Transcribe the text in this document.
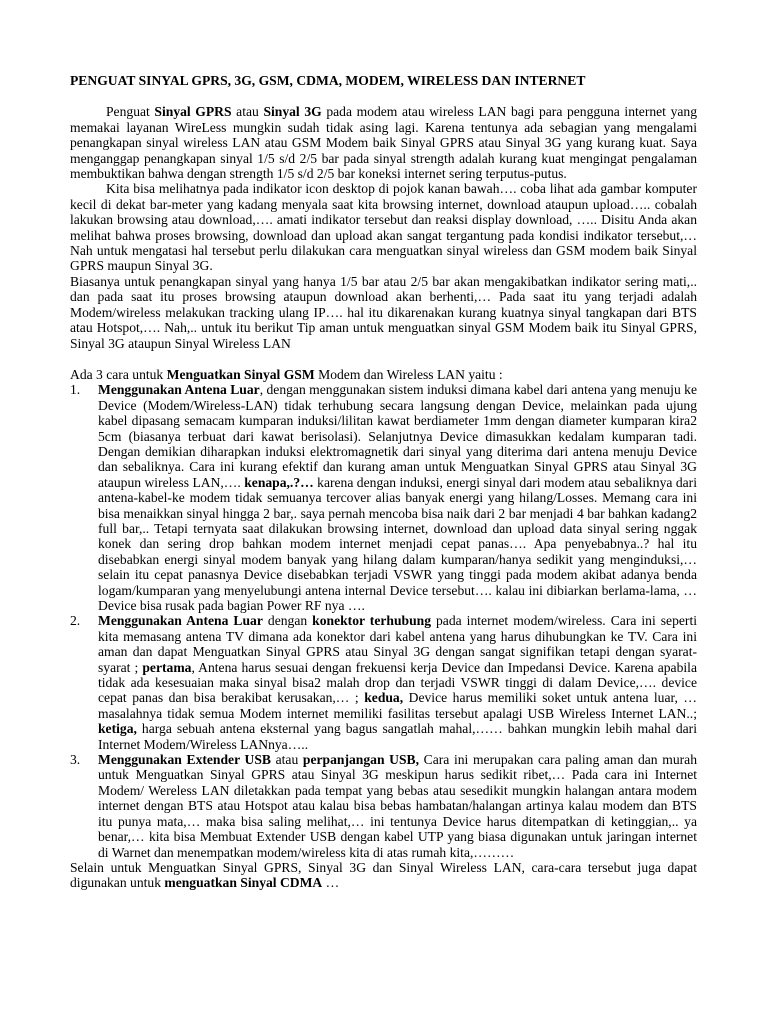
PENGUAT SINYAL GPRS, 3G, GSM, CDMA, MODEM, WIRELESS DAN INTERNET

Penguat Sinyal GPRS atau Sinyal 3G pada modem atau wireless LAN bagi para pengguna internet yang memakai layanan WireLess mungkin sudah tidak asing lagi. Karena tentunya ada sebagian yang mengalami penangkapan sinyal wireless LAN atau GSM Modem baik Sinyal GPRS atau Sinyal 3G yang kurang kuat. Saya menganggap penangkapan sinyal 1/5 s/d 2/5 bar pada sinyal strength adalah kurang kuat mengingat pengalaman membuktikan bahwa dengan strength 1/5 s/d 2/5 bar koneksi internet sering terputus-putus.

Kita bisa melihatnya pada indikator icon desktop di pojok kanan bawah…. coba lihat ada gambar komputer kecil di dekat bar-meter yang kadang menyala saat kita browsing internet, download ataupun upload….. cobalah lakukan browsing atau download,…. amati indikator tersebut dan reaksi display download, ….. Disitu Anda akan melihat bahwa proses browsing, download dan upload akan sangat tergantung pada kondisi indikator tersebut,… Nah untuk mengatasi hal tersebut perlu dilakukan cara menguatkan sinyal wireless dan GSM modem baik Sinyal GPRS maupun Sinyal 3G.

Biasanya untuk penangkapan sinyal yang hanya 1/5 bar atau 2/5 bar akan mengakibatkan indikator sering mati,.. dan pada saat itu proses browsing ataupun download akan berhenti,… Pada saat itu yang terjadi adalah Modem/wireless melakukan tracking ulang IP…. hal itu dikarenakan kurang kuatnya sinyal tangkapan dari BTS atau Hotspot,…. Nah,.. untuk itu berikut Tip aman untuk menguatkan sinyal GSM Modem baik itu Sinyal GPRS, Sinyal 3G ataupun Sinyal Wireless LAN

Ada 3 cara untuk Menguatkan Sinyal GSM Modem dan Wireless LAN yaitu :

1. Menggunakan Antena Luar, dengan menggunakan sistem induksi dimana kabel dari antena yang menuju ke Device (Modem/Wireless-LAN) tidak terhubung secara langsung dengan Device, melainkan pada ujung kabel dipasang semacam kumparan induksi/lilitan kawat berdiameter 1mm dengan diameter kumparan kira2 5cm (biasanya terbuat dari kawat berisolasi). Selanjutnya Device dimasukkan kedalam kumparan tadi. Dengan demikian diharapkan induksi elektromagnetik dari sinyal yang diterima dari antena menuju Device dan sebaliknya. Cara ini kurang efektif dan kurang aman untuk Menguatkan Sinyal GPRS atau Sinyal 3G ataupun wireless LAN,…. kenapa,.?… karena dengan induksi, energi sinyal dari modem atau sebaliknya dari antena-kabel-ke modem tidak semuanya tercover alias banyak energi yang hilang/Losses. Memang cara ini bisa menaikkan sinyal hingga 2 bar,. saya pernah mencoba bisa naik dari 2 bar menjadi 4 bar bahkan kadang2 full bar,.. Tetapi ternyata saat dilakukan browsing internet, download dan upload data sinyal sering nggak konek dan sering drop bahkan modem internet menjadi cepat panas…. Apa penyebabnya..? hal itu disebabkan energi sinyal modem banyak yang hilang dalam kumparan/hanya sedikit yang menginduksi,… selain itu cepat panasnya Device disebabkan terjadi VSWR yang tinggi pada modem akibat adanya benda logam/kumparan yang menyelubungi antena internal Device tersebut…. kalau ini dibiarkan berlama-lama, … Device bisa rusak pada bagian Power RF nya ….
2. Menggunakan Antena Luar dengan konektor terhubung pada internet modem/wireless. Cara ini seperti kita memasang antena TV dimana ada konektor dari kabel antena yang harus dihubungkan ke TV. Cara ini aman dan dapat Menguatkan Sinyal GPRS atau Sinyal 3G dengan sangat signifikan tetapi dengan syarat-syarat ; pertama, Antena harus sesuai dengan frekuensi kerja Device dan Impedansi Device. Karena apabila tidak ada kesesuaian maka sinyal bisa2 malah drop dan terjadi VSWR tinggi di dalam Device,…. device cepat panas dan bisa berakibat kerusakan,… ; kedua, Device harus memiliki soket untuk antena luar, … masalahnya tidak semua Modem internet memiliki fasilitas tersebut apalagi USB Wireless Internet LAN..; ketiga, harga sebuah antena eksternal yang bagus sangatlah mahal,…… bahkan mungkin lebih mahal dari Internet Modem/Wireless LANnya…..
3. Menggunakan Extender USB atau perpanjangan USB, Cara ini merupakan cara paling aman dan murah untuk Menguatkan Sinyal GPRS atau Sinyal 3G meskipun harus sedikit ribet,… Pada cara ini Internet Modem/ Wereless LAN diletakkan pada tempat yang bebas atau sesedikit mungkin halangan antara modem internet dengan BTS atau Hotspot atau kalau bisa bebas hambatan/halangan artinya kalau modem dan BTS itu punya mata,… maka bisa saling melihat,… ini tentunya Device harus ditempatkan di ketinggian,.. ya benar,… kita bisa Membuat Extender USB dengan kabel UTP yang biasa digunakan untuk jaringan internet di Warnet dan menempatkan modem/wireless kita di atas rumah kita,………

Selain untuk Menguatkan Sinyal GPRS, Sinyal 3G dan Sinyal Wireless LAN, cara-cara tersebut juga dapat digunakan untuk menguatkan Sinyal CDMA …
